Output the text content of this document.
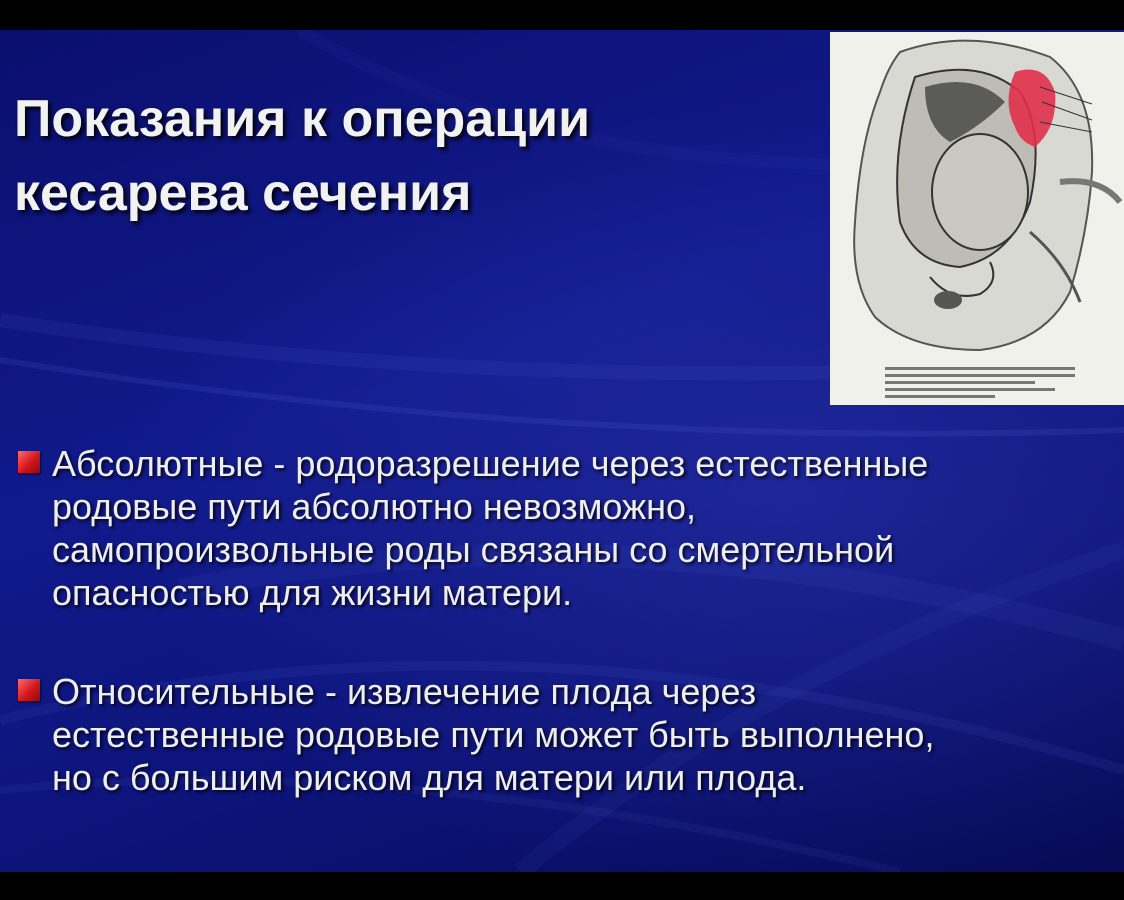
Показания к операции
кесарева сечения
Абсолютные - родоразрешение через естественные
родовые пути абсолютно невозможно,
самопроизвольные роды связаны со смертельной
опасностью для жизни матери.
Относительные - извлечение плода через
естественные родовые пути может быть выполнено,
но с большим риском для матери или плода.
